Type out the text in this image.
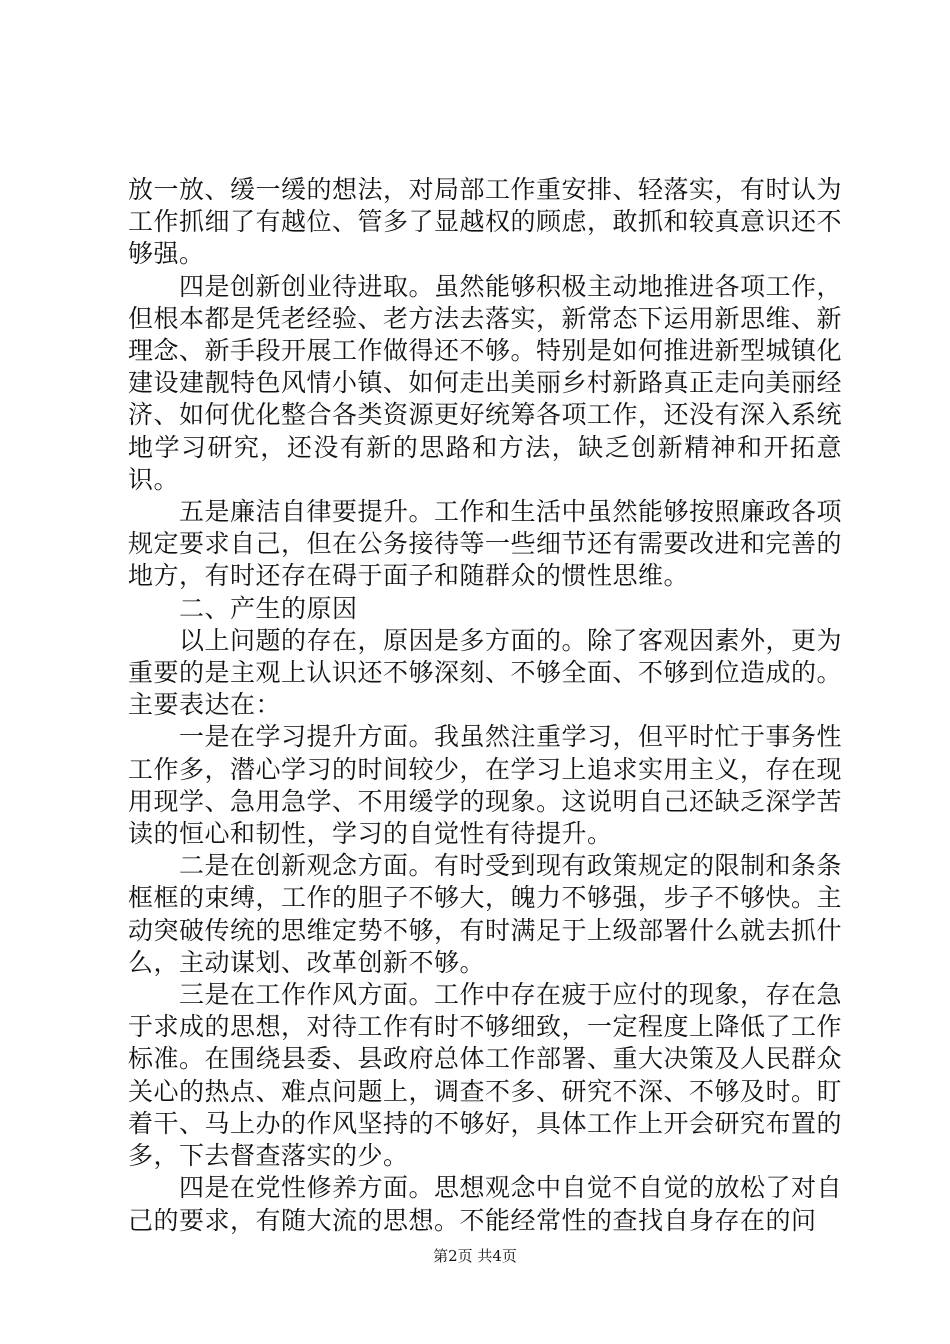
放一放、缓一缓的想法，对局部工作重安排、轻落实，有时认为工作抓细了有越位、管多了显越权的顾虑，敢抓和较真意识还不够强。

四是创新创业待进取。虽然能够积极主动地推进各项工作，但根本都是凭老经验、老方法去落实，新常态下运用新思维、新理念、新手段开展工作做得还不够。特别是如何推进新型城镇化建设建靓特色风情小镇、如何走出美丽乡村新路真正走向美丽经济、如何优化整合各类资源更好统筹各项工作，还没有深入系统地学习研究，还没有新的思路和方法，缺乏创新精神和开拓意识。

五是廉洁自律要提升。工作和生活中虽然能够按照廉政各项规定要求自己，但在公务接待等一些细节还有需要改进和完善的地方，有时还存在碍于面子和随群众的惯性思维。

二、产生的原因

以上问题的存在，原因是多方面的。除了客观因素外，更为重要的是主观上认识还不够深刻、不够全面、不够到位造成的。主要表达在：

一是在学习提升方面。我虽然注重学习，但平时忙于事务性工作多，潜心学习的时间较少，在学习上追求实用主义，存在现用现学、急用急学、不用缓学的现象。这说明自己还缺乏深学苦读的恒心和韧性，学习的自觉性有待提升。

二是在创新观念方面。有时受到现有政策规定的限制和条条框框的束缚，工作的胆子不够大，魄力不够强，步子不够快。主动突破传统的思维定势不够，有时满足于上级部署什么就去抓什么，主动谋划、改革创新不够。

三是在工作作风方面。工作中存在疲于应付的现象，存在急于求成的思想，对待工作有时不够细致，一定程度上降低了工作标准。在围绕县委、县政府总体工作部署、重大决策及人民群众关心的热点、难点问题上，调查不多、研究不深、不够及时。盯着干、马上办的作风坚持的不够好，具体工作上开会研究布置的多，下去督查落实的少。

四是在党性修养方面。思想观念中自觉不自觉的放松了对自己的要求，有随大流的思想。不能经常性的查找自身存在的问

第2页 共4页
